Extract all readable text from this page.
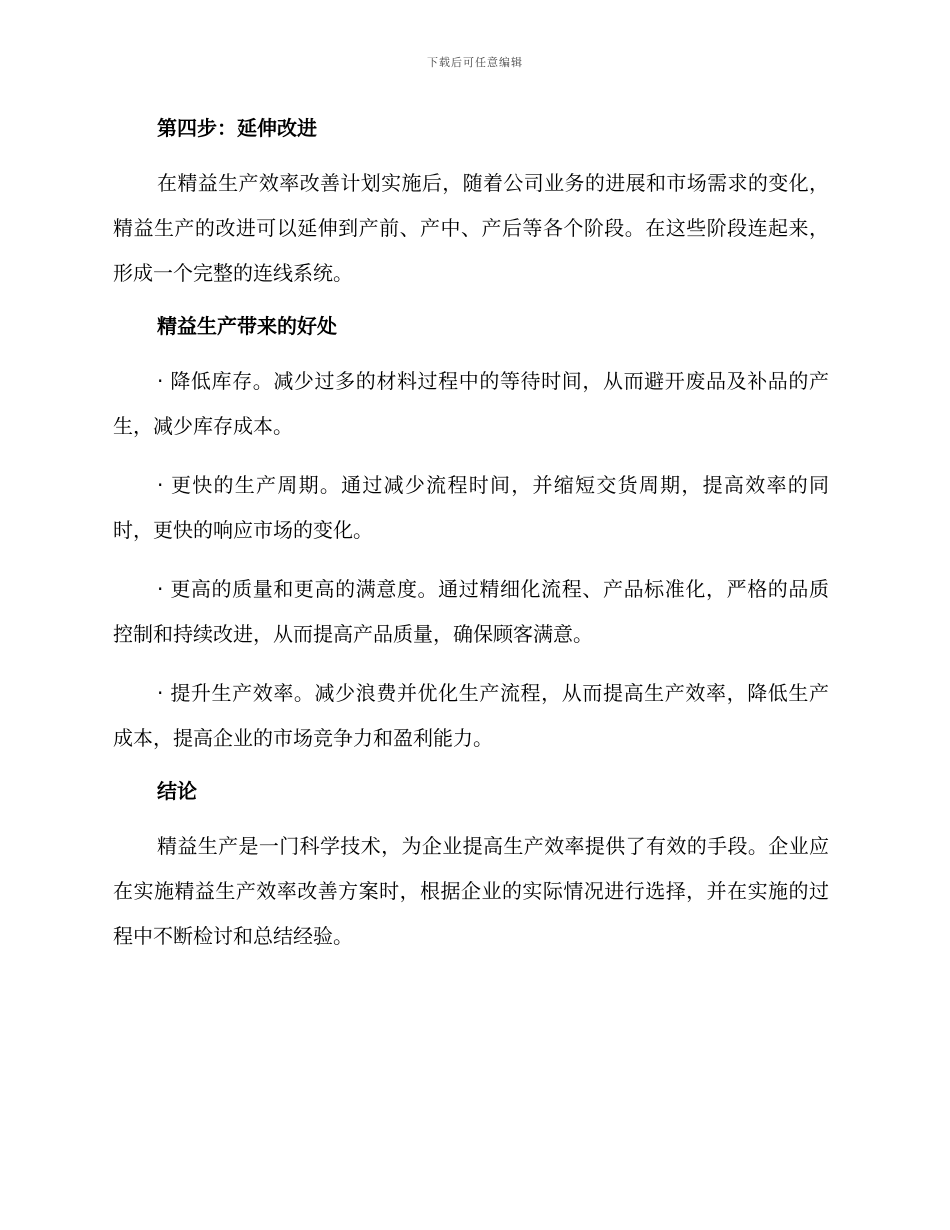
下载后可任意编辑
第四步：延伸改进

在精益生产效率改善计划实施后，随着公司业务的进展和市场需求的变化，精益生产的改进可以延伸到产前、产中、产后等各个阶段。在这些阶段连起来，形成一个完整的连线系统。

精益生产带来的好处

· 降低库存。减少过多的材料过程中的等待时间，从而避开废品及补品的产生，减少库存成本。

· 更快的生产周期。通过减少流程时间，并缩短交货周期，提高效率的同时，更快的响应市场的变化。

· 更高的质量和更高的满意度。通过精细化流程、产品标准化，严格的品质控制和持续改进，从而提高产品质量，确保顾客满意。

· 提升生产效率。减少浪费并优化生产流程，从而提高生产效率，降低生产成本，提高企业的市场竞争力和盈利能力。

结论

精益生产是一门科学技术，为企业提高生产效率提供了有效的手段。企业应在实施精益生产效率改善方案时，根据企业的实际情况进行选择，并在实施的过程中不断检讨和总结经验。
